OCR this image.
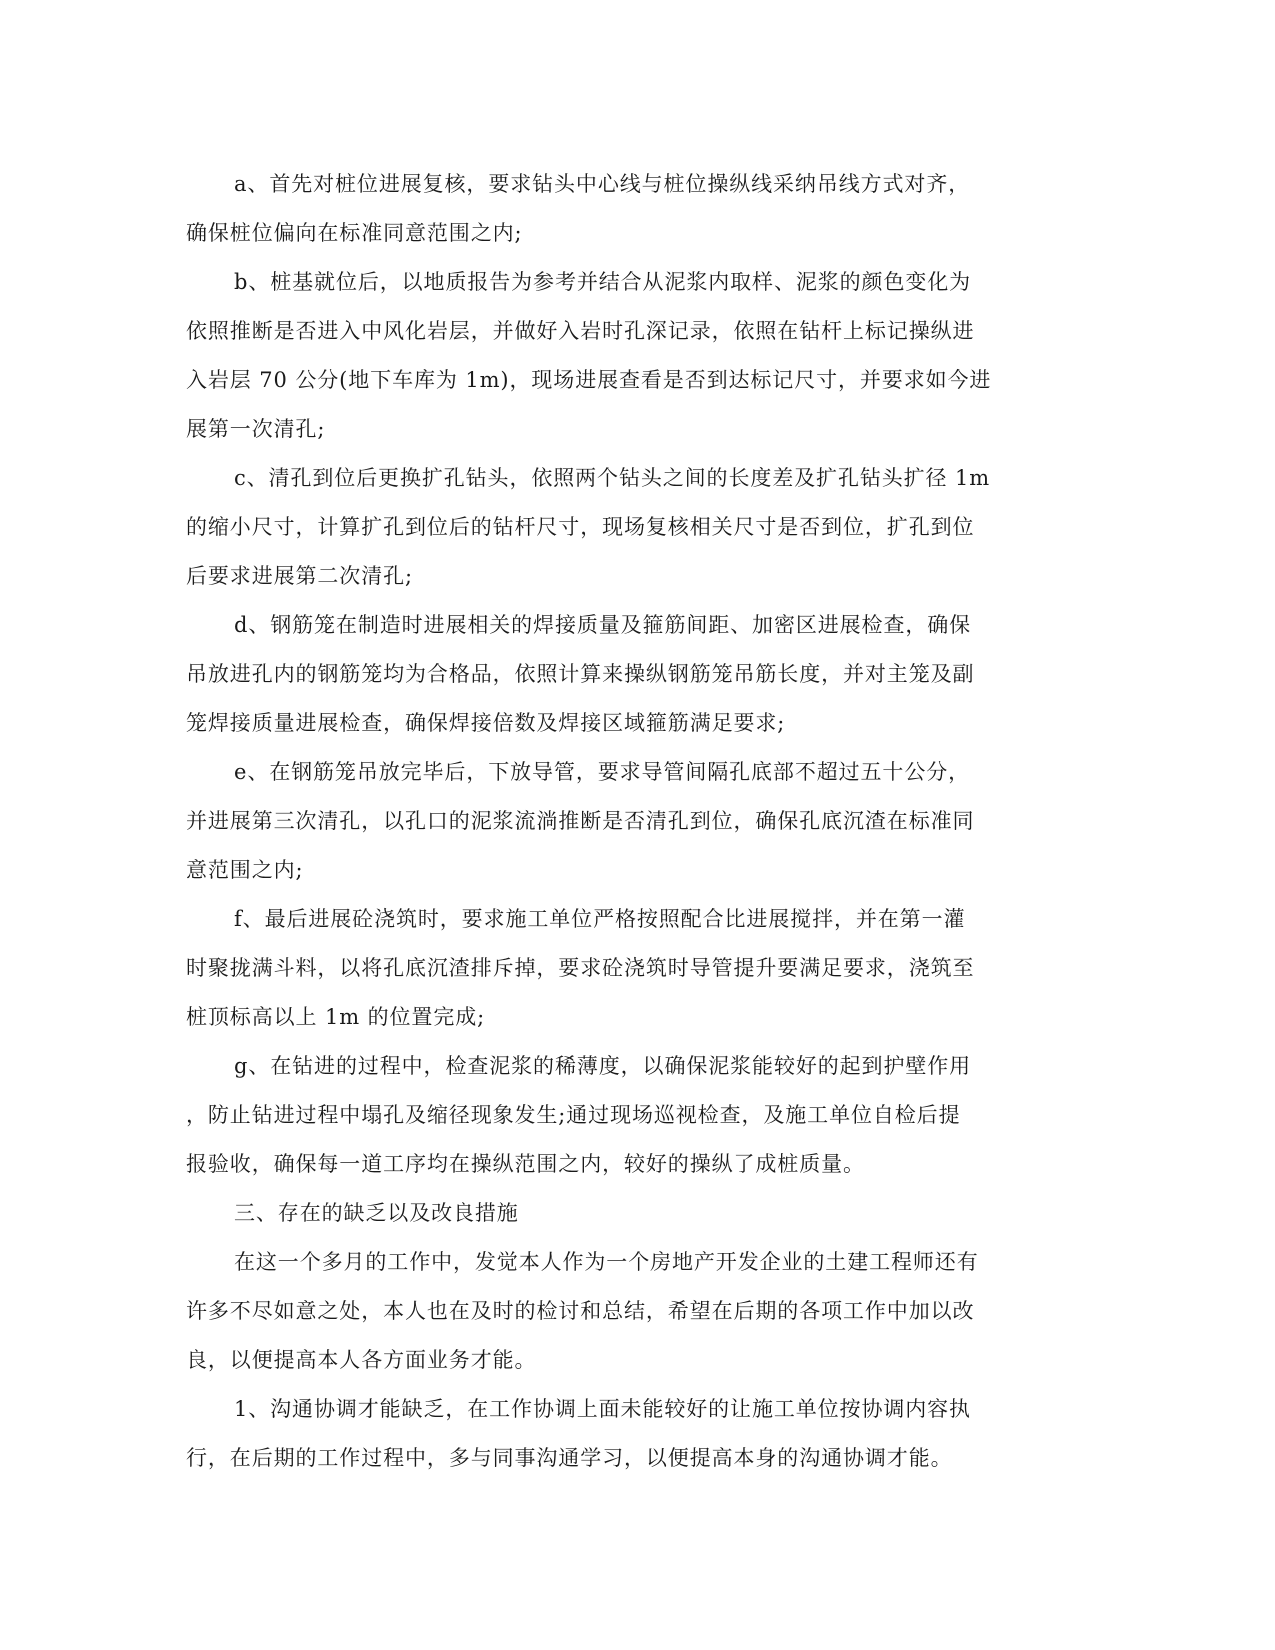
a、首先对桩位进展复核，要求钻头中心线与桩位操纵线采纳吊线方式对齐，
确保桩位偏向在标准同意范围之内;
b、桩基就位后，以地质报告为参考并结合从泥浆内取样、泥浆的颜色变化为
依照推断是否进入中风化岩层，并做好入岩时孔深记录，依照在钻杆上标记操纵进
入岩层 70 公分(地下车库为 1m)，现场进展查看是否到达标记尺寸，并要求如今进
展第一次清孔;
c、清孔到位后更换扩孔钻头，依照两个钻头之间的长度差及扩孔钻头扩径 1m
的缩小尺寸，计算扩孔到位后的钻杆尺寸，现场复核相关尺寸是否到位，扩孔到位
后要求进展第二次清孔;
d、钢筋笼在制造时进展相关的焊接质量及箍筋间距、加密区进展检查，确保
吊放进孔内的钢筋笼均为合格品，依照计算来操纵钢筋笼吊筋长度，并对主笼及副
笼焊接质量进展检查，确保焊接倍数及焊接区域箍筋满足要求;
e、在钢筋笼吊放完毕后，下放导管，要求导管间隔孔底部不超过五十公分，
并进展第三次清孔，以孔口的泥浆流淌推断是否清孔到位，确保孔底沉渣在标准同
意范围之内;
f、最后进展砼浇筑时，要求施工单位严格按照配合比进展搅拌，并在第一灌
时聚拢满斗料，以将孔底沉渣排斥掉，要求砼浇筑时导管提升要满足要求，浇筑至
桩顶标高以上 1m 的位置完成;
g、在钻进的过程中，检查泥浆的稀薄度，以确保泥浆能较好的起到护壁作用
，防止钻进过程中塌孔及缩径现象发生;通过现场巡视检查，及施工单位自检后提
报验收，确保每一道工序均在操纵范围之内，较好的操纵了成桩质量。
三、存在的缺乏以及改良措施
在这一个多月的工作中，发觉本人作为一个房地产开发企业的土建工程师还有
许多不尽如意之处，本人也在及时的检讨和总结，希望在后期的各项工作中加以改
良，以便提高本人各方面业务才能。
1、沟通协调才能缺乏，在工作协调上面未能较好的让施工单位按协调内容执
行，在后期的工作过程中，多与同事沟通学习，以便提高本身的沟通协调才能。
